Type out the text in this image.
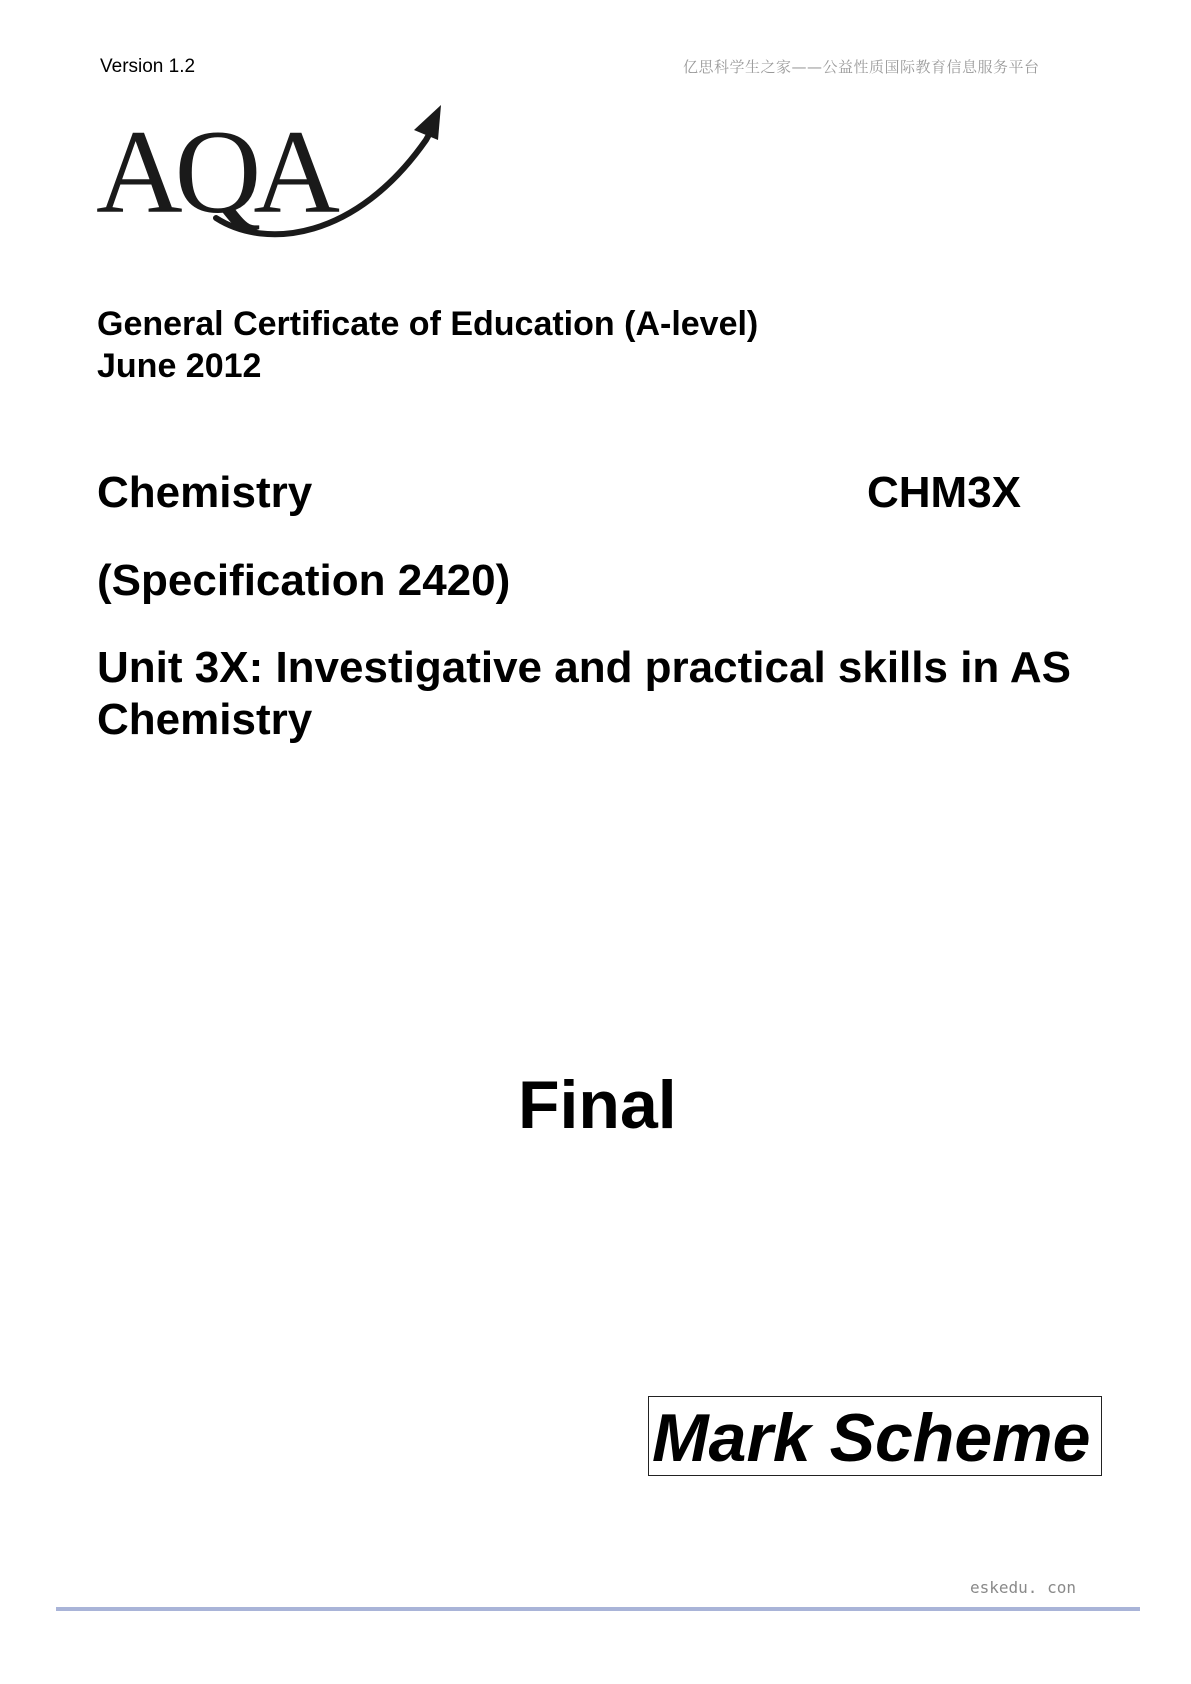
Version 1.2	亿思科学生之家——公益性质国际教育信息服务平台
AQA
General Certificate of Education (A-level)
June 2012
Chemistry	CHM3X
(Specification 2420)
Unit 3X: Investigative and practical skills in AS
Chemistry
Final
Mark Scheme
eskedu. con
